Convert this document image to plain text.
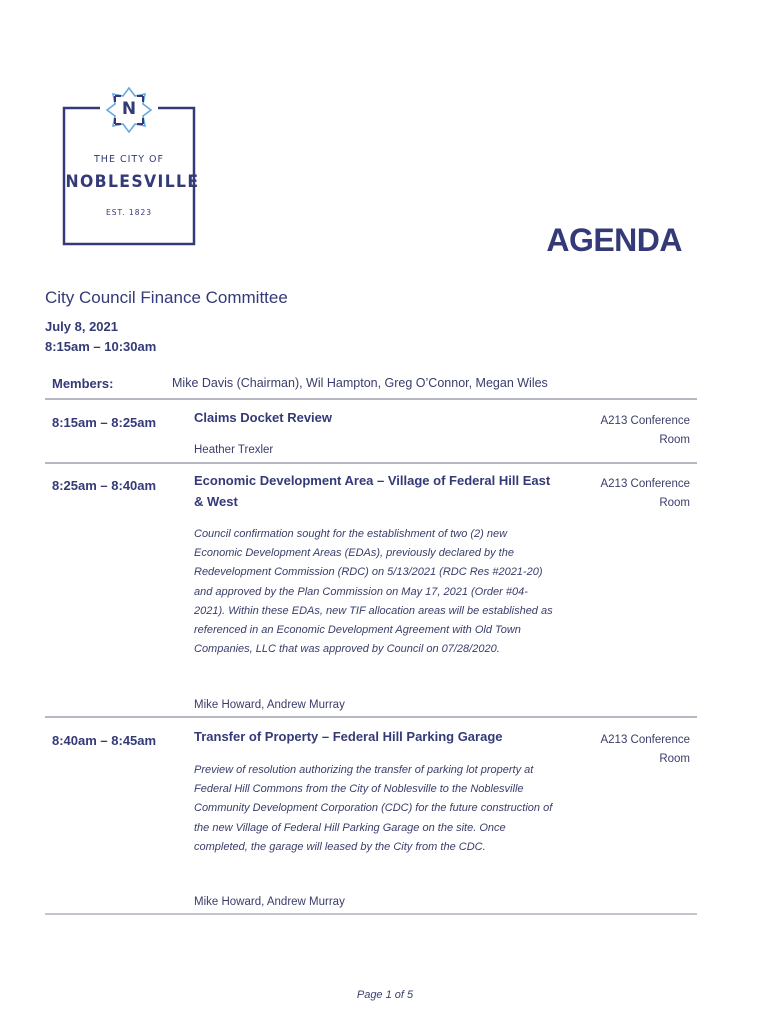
N
THE CITY OF
NOBLESVILLE
EST. 1823
AGENDA
City Council Finance Committee
July 8, 2021
8:15am – 10:30am
Members:	Mike Davis (Chairman), Wil Hampton, Greg O’Connor, Megan Wiles
8:15am – 8:25am	Claims Docket Review	A213 Conference Room
Heather Trexler
8:25am – 8:40am	Economic Development Area – Village of Federal Hill East & West
A213 Conference Room
Council confirmation sought for the establishment of two (2) new Economic Development Areas (EDAs), previously declared by the Redevelopment Commission (RDC) on 5/13/2021 (RDC Res #2021-20) and approved by the Plan Commission on May 17, 2021 (Order #04-2021). Within these EDAs, new TIF allocation areas will be established as referenced in an Economic Development Agreement with Old Town Companies, LLC that was approved by Council on 07/28/2020.
Mike Howard, Andrew Murray
8:40am – 8:45am	Transfer of Property – Federal Hill Parking Garage	A213 Conference Room
Preview of resolution authorizing the transfer of parking lot property at Federal Hill Commons from the City of Noblesville to the Noblesville Community Development Corporation (CDC) for the future construction of the new Village of Federal Hill Parking Garage on the site. Once completed, the garage will leased by the City from the CDC.
Mike Howard, Andrew Murray
Page 1 of 5
